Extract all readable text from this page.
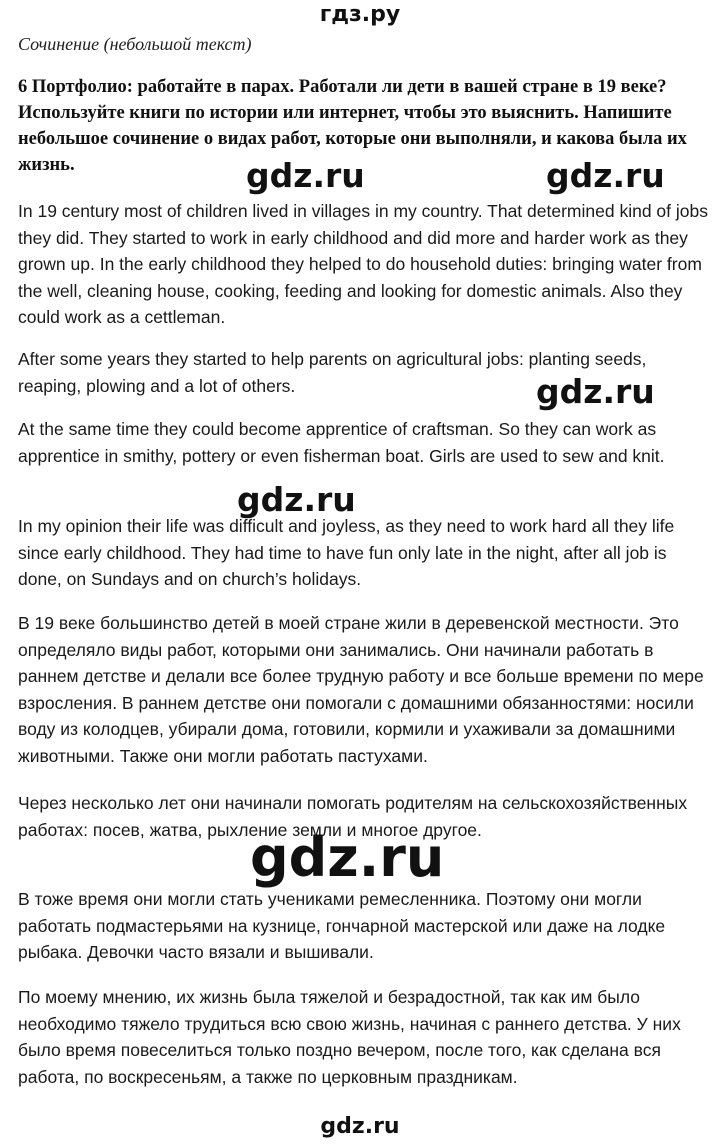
гдз.ру
Сочинение (небольшой текст)
6 Портфолио: работайте в парах. Работали ли дети в вашей стране в 19 веке? Используйте книги по истории или интернет, чтобы это выяснить. Напишите небольшое сочинение о видах работ, которые они выполняли, и какова была их жизнь.

In 19 century most of children lived in villages in my country. That determined kind of jobs they did. They started to work in early childhood and did more and harder work as they grown up. In the early childhood they helped to do household duties: bringing water from the well, cleaning house, cooking, feeding and looking for domestic animals. Also they could work as a cettleman.

After some years they started to help parents on agricultural jobs: planting seeds, reaping, plowing and a lot of others.

At the same time they could become apprentice of craftsman. So they can work as apprentice in smithy, pottery or even fisherman boat. Girls are used to sew and knit.

In my opinion their life was difficult and joyless, as they need to work hard all they life since early childhood. They had time to have fun only late in the night, after all job is done, on Sundays and on church’s holidays.

В 19 веке большинство детей в моей стране жили в деревенской местности. Это определяло виды работ, которыми они занимались. Они начинали работать в раннем детстве и делали все более трудную работу и все больше времени по мере взросления. В раннем детстве они помогали с домашними обязанностями: носили воду из колодцев, убирали дома, готовили, кормили и ухаживали за домашними животными. Также они могли работать пастухами.

Через несколько лет они начинали помогать родителям на сельскохозяйственных работах: посев, жатва, рыхление земли и многое другое.

В тоже время они могли стать учениками ремесленника. Поэтому они могли работать подмастерьями на кузнице, гончарной мастерской или даже на лодке рыбака. Девочки часто вязали и вышивали.

По моему мнению, их жизнь была тяжелой и безрадостной, так как им было необходимо тяжело трудиться всю свою жизнь, начиная с раннего детства. У них было время повеселиться только поздно вечером, после того, как сделана вся работа, по воскресеньям, а также по церковным праздникам.

gdz.ru	gdz.ru
gdz.ru
gdz.ru
gdz.ru
gdz.ru
